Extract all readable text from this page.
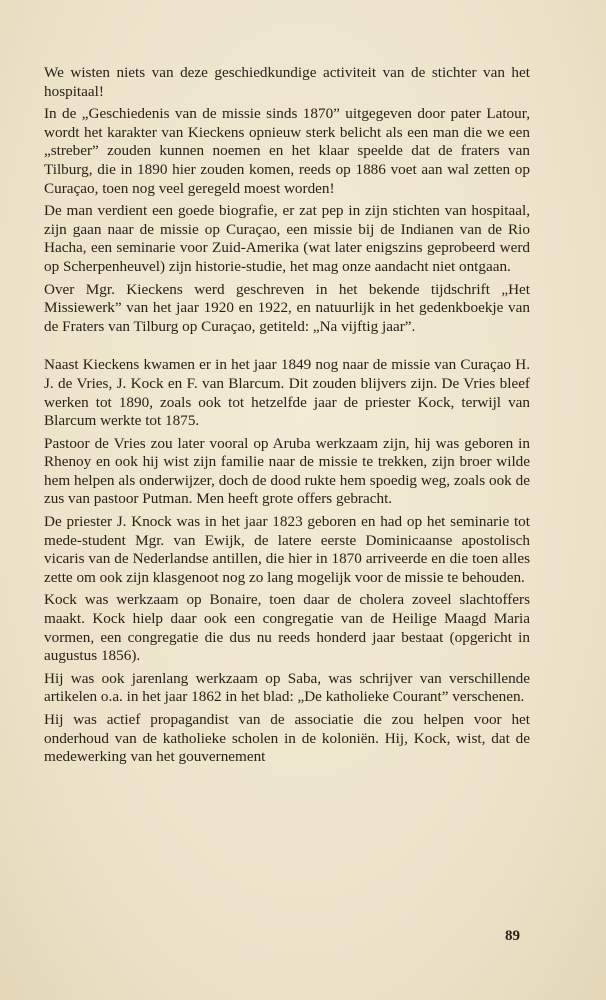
We wisten niets van deze geschiedkundige activiteit van de stichter van het hospitaal!

In de „Geschiedenis van de missie sinds 1870” uitgegeven door pater Latour, wordt het karakter van Kieckens opnieuw sterk belicht als een man die we een „streber” zouden kunnen noemen en het klaar speelde dat de fraters van Tilburg, die in 1890 hier zouden komen, reeds op 1886 voet aan wal zetten op Curaçao, toen nog veel geregeld moest worden!

De man verdient een goede biografie, er zat pep in zijn stichten van hospitaal, zijn gaan naar de missie op Curaçao, een missie bij de Indianen van de Rio Hacha, een seminarie voor Zuid-Amerika (wat later enigszins geprobeerd werd op Scherpenheuvel) zijn historie-studie, het mag onze aandacht niet ontgaan.

Over Mgr. Kieckens werd geschreven in het bekende tijdschrift „Het Missiewerk” van het jaar 1920 en 1922, en natuurlijk in het gedenkboekje van de Fraters van Tilburg op Curaçao, getiteld: „Na vijftig jaar”.

Naast Kieckens kwamen er in het jaar 1849 nog naar de missie van Curaçao H. J. de Vries, J. Kock en F. van Blarcum. Dit zouden blijvers zijn. De Vries bleef werken tot 1890, zoals ook tot hetzelfde jaar de priester Kock, terwijl van Blarcum werkte tot 1875.

Pastoor de Vries zou later vooral op Aruba werkzaam zijn, hij was geboren in Rhenoy en ook hij wist zijn familie naar de missie te trekken, zijn broer wilde hem helpen als onderwijzer, doch de dood rukte hem spoedig weg, zoals ook de zus van pastoor Putman. Men heeft grote offers gebracht.

De priester J. Knock was in het jaar 1823 geboren en had op het seminarie tot mede-student Mgr. van Ewijk, de latere eerste Dominicaanse apostolisch vicaris van de Nederlandse antillen, die hier in 1870 arriveerde en die toen alles zette om ook zijn klasgenoot nog zo lang mogelijk voor de missie te behouden.

Kock was werkzaam op Bonaire, toen daar de cholera zoveel slachtoffers maakt. Kock hielp daar ook een congregatie van de Heilige Maagd Maria vormen, een congregatie die dus nu reeds honderd jaar bestaat (opgericht in augustus 1856).

Hij was ook jarenlang werkzaam op Saba, was schrijver van verschillende artikelen o.a. in het jaar 1862 in het blad: „De katholieke Courant” verschenen.

Hij was actief propagandist van de associatie die zou helpen voor het onderhoud van de katholieke scholen in de koloniën. Hij, Kock, wist, dat de medewerking van het gouvernement

89
